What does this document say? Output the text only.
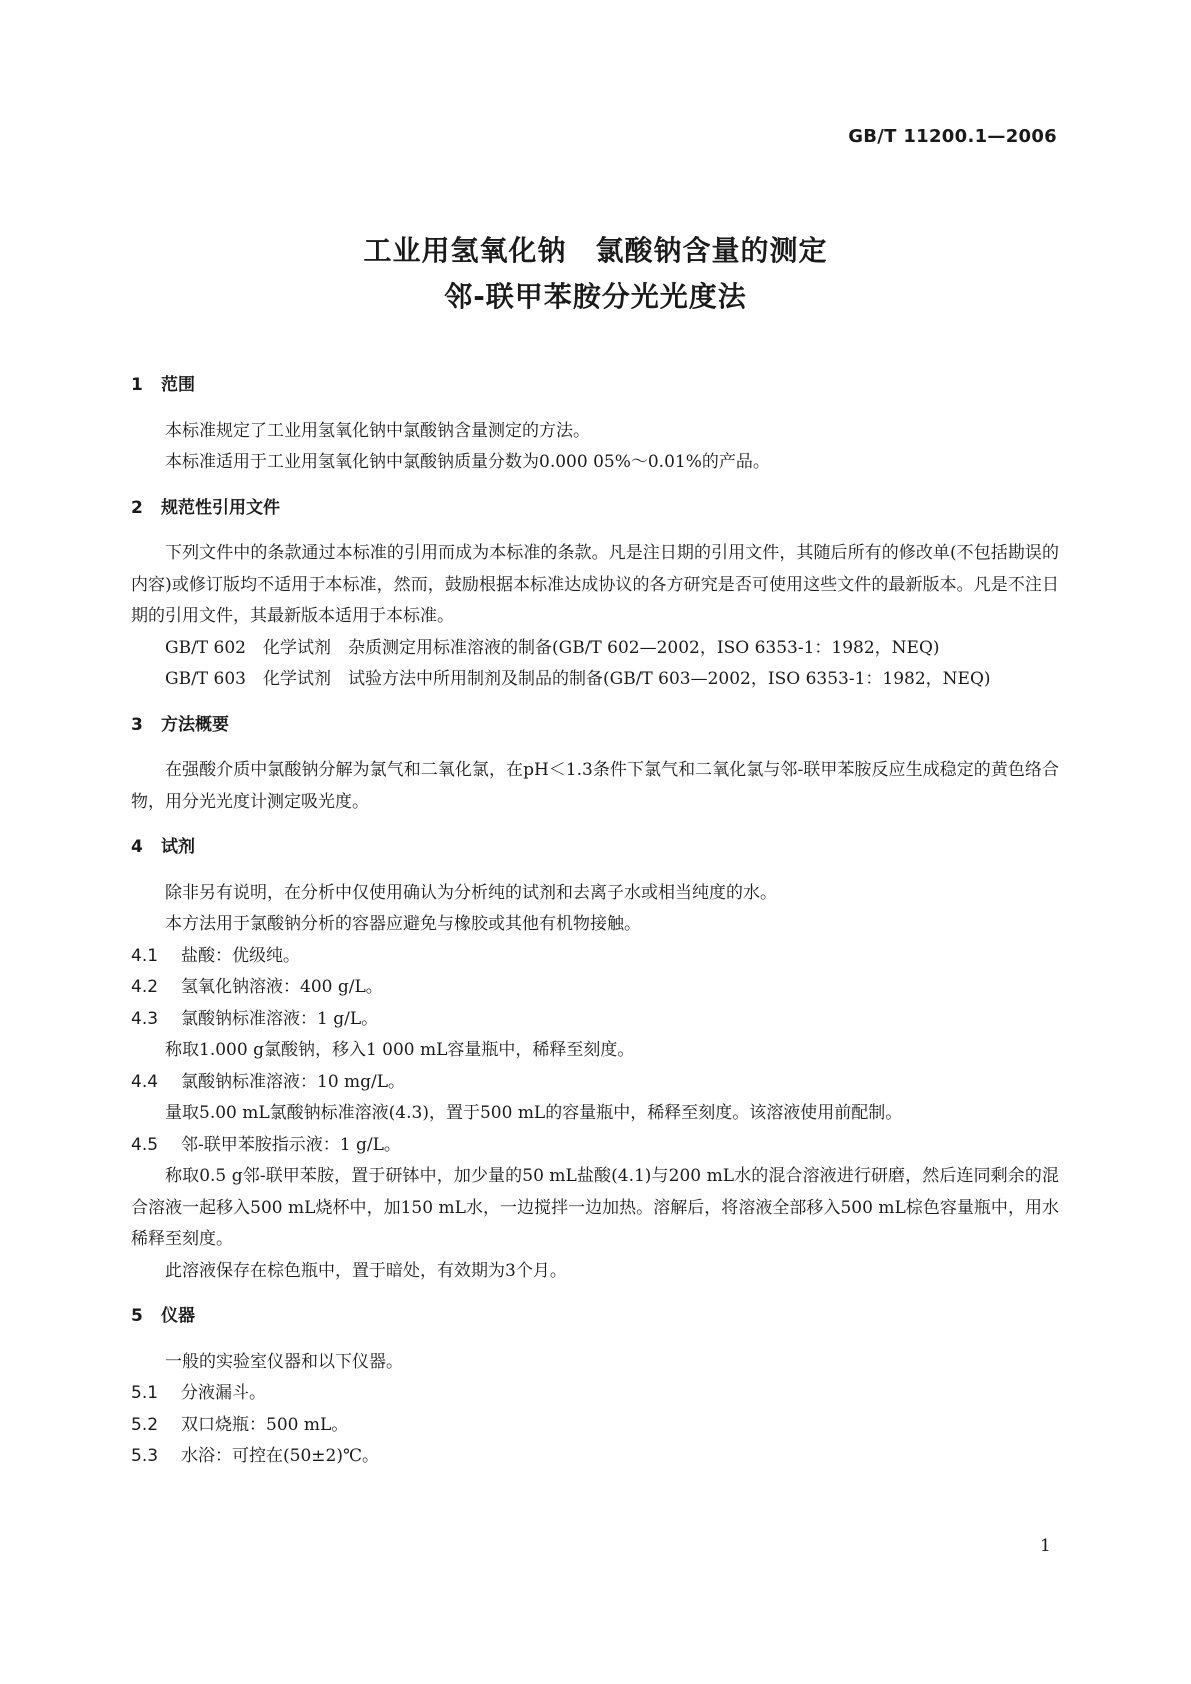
GB/T 11200.1—2006
工业用氢氧化钠　氯酸钠含量的测定
邻-联甲苯胺分光光度法
1 范围

本标准规定了工业用氢氧化钠中氯酸钠含量测定的方法。

本标准适用于工业用氢氧化钠中氯酸钠质量分数为0.000 05%～0.01%的产品。

2 规范性引用文件

下列文件中的条款通过本标准的引用而成为本标准的条款。凡是注日期的引用文件，其随后所有的修改单(不包括勘误的内容)或修订版均不适用于本标准，然而，鼓励根据本标准达成协议的各方研究是否可使用这些文件的最新版本。凡是不注日期的引用文件，其最新版本适用于本标准。

GB/T 602　化学试剂　杂质测定用标准溶液的制备(GB/T 602—2002，ISO 6353-1：1982，NEQ)

GB/T 603　化学试剂　试验方法中所用制剂及制品的制备(GB/T 603—2002，ISO 6353-1：1982，NEQ)

3 方法概要

在强酸介质中氯酸钠分解为氯气和二氧化氯，在pH＜1.3条件下氯气和二氧化氯与邻-联甲苯胺反应生成稳定的黄色络合物，用分光光度计测定吸光度。

4 试剂

除非另有说明，在分析中仅使用确认为分析纯的试剂和去离子水或相当纯度的水。

本方法用于氯酸钠分析的容器应避免与橡胶或其他有机物接触。

4.1 盐酸：优级纯。

4.2 氢氧化钠溶液：400 g/L。

4.3 氯酸钠标准溶液：1 g/L。

称取1.000 g氯酸钠，移入1 000 mL容量瓶中，稀释至刻度。

4.4 氯酸钠标准溶液：10 mg/L。

量取5.00 mL氯酸钠标准溶液(4.3)，置于500 mL的容量瓶中，稀释至刻度。该溶液使用前配制。

4.5 邻-联甲苯胺指示液：1 g/L。

称取0.5 g邻-联甲苯胺，置于研钵中，加少量的50 mL盐酸(4.1)与200 mL水的混合溶液进行研磨，然后连同剩余的混合溶液一起移入500 mL烧杯中，加150 mL水，一边搅拌一边加热。溶解后，将溶液全部移入500 mL棕色容量瓶中，用水稀释至刻度。

此溶液保存在棕色瓶中，置于暗处，有效期为3个月。

5 仪器

一般的实验室仪器和以下仪器。

5.1 分液漏斗。

5.2 双口烧瓶：500 mL。

5.3 水浴：可控在(50±2)℃。

1
